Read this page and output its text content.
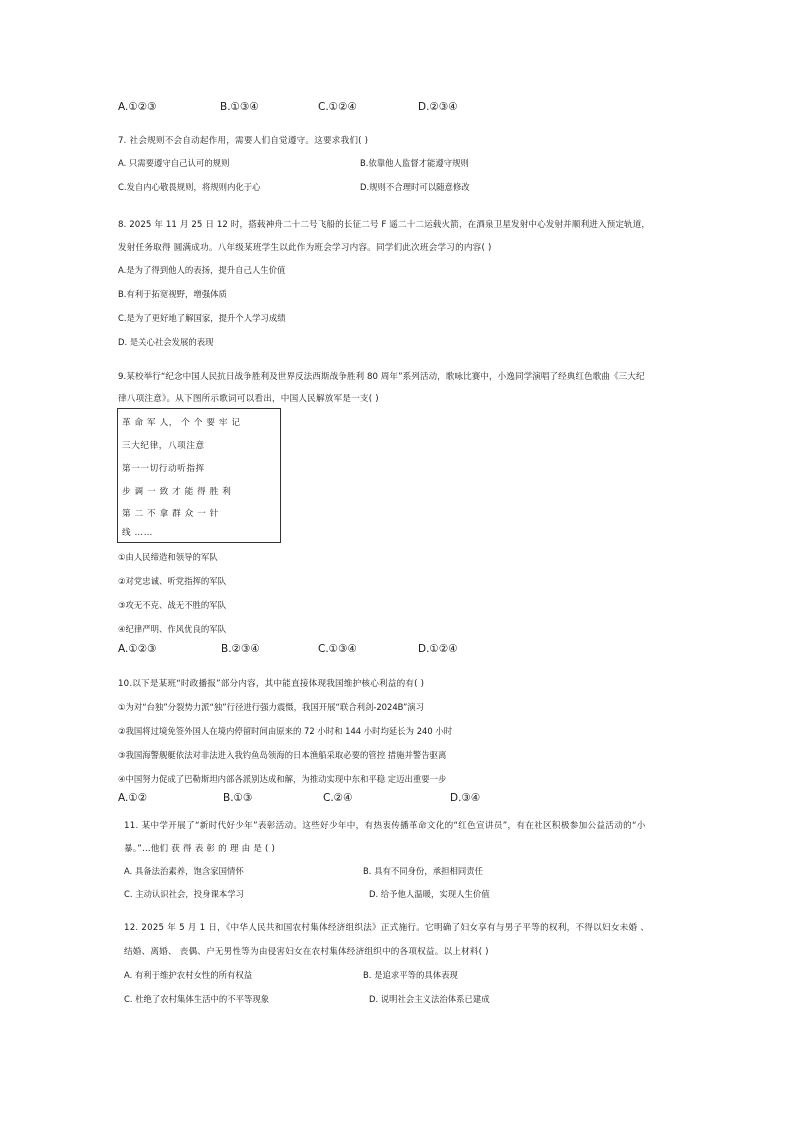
A.①②③	B.①③④	C.①②④	D.②③④
7. 社会规则不会自动起作用，需要人们自觉遵守。这要求我们( )
A. 只需要遵守自己认可的规则	B.依靠他人监督才能遵守规则
C.发自内心敬畏规则，将规则内化于心	D.规则不合理时可以随意修改
8. 2025 年 11 月 25 日 12 时，搭载神舟二十二号飞船的长征二号 F 遥二十二运载火箭，在酒泉卫星发射中心发射并顺利进入预定轨道，
发射任务取得 圆满成功。八年级某班学生以此作为班会学习内容。同学们此次班会学习的内容( )
A.是为了得到他人的表扬，提升自己人生价值
B.有利于拓宽视野，增强体质
C.是为了更好地了解国家，提升个人学习成绩
D. 是关心社会发展的表现
9.某校举行“纪念中国人民抗日战争胜利及世界反法西斯战争胜利 80 周年”系列活动，歌咏比赛中，小逸同学演唱了经典红色歌曲《三大纪
律八项注意》。从下图所示歌词可以看出，中国人民解放军是一支( )
革 命 军 人， 个 个 要 牢 记
三大纪律，八项注意
第一一切行动听指挥
步 调 一 致 才 能 得 胜 利
第 二 不 拿 群 众 一 针
线 ……
①由人民缔造和领导的军队
②对党忠诚、听党指挥的军队
③攻无不克、战无不胜的军队
④纪律严明、作风优良的军队
A.①②③	B.②③④	C.①③④	D.①②④
10.以下是某班“时政播报”部分内容，其中能直接体现我国维护核心利益的有( )
①为对“台独”分裂势力派“独”行径进行强力震慑，我国开展“联合利剑-2024B”演习
②我国将过境免签外国人在境内停留时间由原来的 72 小时和 144 小时均延长为 240 小时
③我国海警舰艇依法对非法进入我钓鱼岛领海的日本渔船采取必要的管控 措施并警告驱离
④中国努力促成了巴勒斯坦内部各派别达成和解，为推动实现中东和平稳 定迈出重要一步
A.①②	B.①③	C.②④	D.③④
11. 某中学开展了“新时代好少年”表彰活动。这些好少年中，有热衷传播革命文化的“红色宣讲员”，有在社区积极参加公益活动的“小
暴。”…他们 获 得 表 彰 的 理 由 是 ( )
A. 具备法治素养，饱含家国情怀	B. 具有不同身份，承担相同责任
C. 主动认识社会，投身课本学习	D. 给予他人温暖，实现人生价值
12. 2025 年 5 月 1 日，《中华人民共和国农村集体经济组织法》正式施行。它明确了妇女享有与男子平等的权利，不得以妇女未婚 、
结婚、离婚、 丧偶、户无男性等为由侵害妇女在农村集体经济组织中的各项权益。以上材料( )
A. 有利于维护农村女性的所有权益	B. 是追求平等的具体表现
C. 杜绝了农村集体生活中的不平等现象	D. 说明社会主义法治体系已建成
